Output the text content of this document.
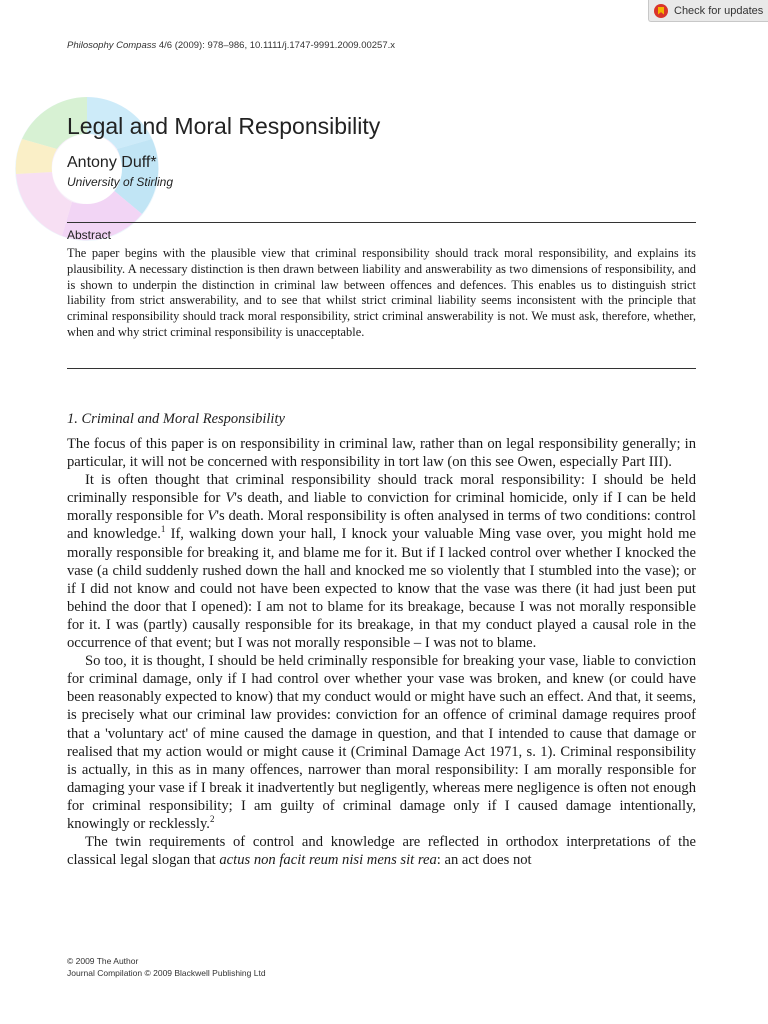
Check for updates
Philosophy Compass 4/6 (2009): 978–986, 10.1111/j.1747-9991.2009.00257.x
Legal and Moral Responsibility
Antony Duff*
University of Stirling
Abstract

The paper begins with the plausible view that criminal responsibility should track moral responsibility, and explains its plausibility. A necessary distinction is then drawn between liability and answerability as two dimensions of responsibility, and is shown to underpin the distinction in criminal law between offences and defences. This enables us to distinguish strict liability from strict answerability, and to see that whilst strict criminal liability seems inconsistent with the principle that criminal responsibility should track moral responsibility, strict criminal answerability is not. We must ask, therefore, whether, when and why strict criminal responsibility is unacceptable.

1. Criminal and Moral Responsibility

The focus of this paper is on responsibility in criminal law, rather than on legal responsibility generally; in particular, it will not be concerned with responsibility in tort law (on this see Owen, especially Part III).

It is often thought that criminal responsibility should track moral responsibility: I should be held criminally responsible for V's death, and liable to conviction for criminal homicide, only if I can be held morally responsible for V's death. Moral responsibility is often analysed in terms of two conditions: control and knowledge.$^1$ If, walking down your hall, I knock your valuable Ming vase over, you might hold me morally responsible for breaking it, and blame me for it. But if I lacked control over whether I knocked the vase (a child suddenly rushed down the hall and knocked me so violently that I stumbled into the vase); or if I did not know and could not have been expected to know that the vase was there (it had just been put behind the door that I opened): I am not to blame for its breakage, because I was not morally responsible for it. I was (partly) causally responsible for its breakage, in that my conduct played a causal role in the occurrence of that event; but I was not morally responsible – I was not to blame.

So too, it is thought, I should be held criminally responsible for breaking your vase, liable to conviction for criminal damage, only if I had control over whether your vase was broken, and knew (or could have been reasonably expected to know) that my conduct would or might have such an effect. And that, it seems, is precisely what our criminal law provides: conviction for an offence of criminal damage requires proof that a 'voluntary act' of mine caused the damage in question, and that I intended to cause that damage or realised that my action would or might cause it (Criminal Damage Act 1971, s. 1). Criminal responsibility is actually, in this as in many offences, narrower than moral responsibility: I am morally responsible for damaging your vase if I break it inadvertently but negligently, whereas mere negligence is often not enough for criminal responsibility; I am guilty of criminal damage only if I caused damage intentionally, knowingly or recklessly.$^2$

The twin requirements of control and knowledge are reflected in orthodox interpretations of the classical legal slogan that actus non facit reum nisi mens sit rea: an act does not

© 2009 The Author
Journal Compilation © 2009 Blackwell Publishing Ltd
